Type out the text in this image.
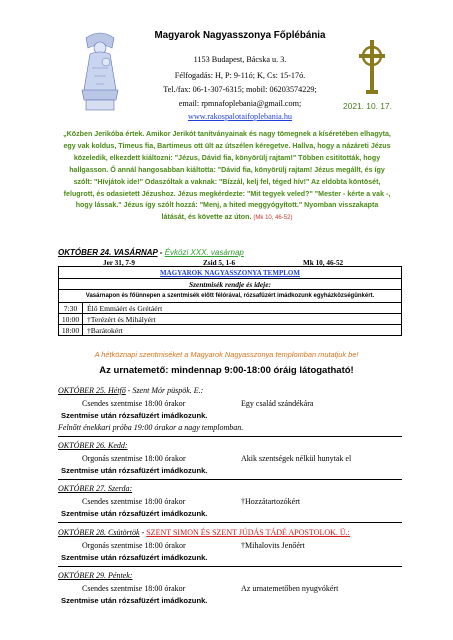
Magyarok Nagyasszonya Főplébánia
1153 Budapest, Bácska u. 3.
Félfogadás: H, P: 9-11ó; K, Cs: 15-17ó.
Tel./fax: 06-1-307-6315; mobil: 06203574229;
email: rpmnafoplebania@gmail.com;
www.rakospalotaifoplebania.hu
2021. 10. 17.
„Közben Jerikóba értek. Amikor Jerikót tanítványainak és nagy tömegnek a kíséretében elhagyta, egy vak koldus, Timeus fia, Bartimeus ott ült az útszélen kéregetve. Hallva, hogy a názáreti Jézus közeledik, elkezdett kiáltozni: "Jézus, Dávid fia, könyörülj rajtam!" Többen csitították, hogy hallgasson. Ő annál hangosabban kiáltotta: "Dávid fia, könyörülj rajtam! Jézus megállt, és így szólt: "Hívjátok ide!" Odaszóltak a vaknak: "Bízzál, kelj fel, téged hív!" Az eldobta köntösét, felugrott, és odasietett Jézushoz. Jézus megkérdezte: "Mit tegyek veled?" "Mester - kérte a vak -, hogy lássak." Jézus így szólt hozzá: "Menj, a hited meggyógyított." Nyomban visszakapta látását, és követte az úton. (Mk 10, 46-52)
OKTÓBER 24. VASÁRNAP - Évközi XXX. vasárnap
Jer 31, 7-9	Zsid 5, 1-6	Mk 10, 46-52
MAGYAROK NAGYASSZONYA TEMPLOM
Szentmisék rendje és ideje:
Vasárnapon és főünnepen a szentmisék előtt félórával, rózsafüzért imádkozunk egyházközségünkért.
7:30	Élő Emmáért és Grétáért
10:00	†Terézért és Mihályért
18:00	†Barátokért
A hétköznapi szentmiséket a Magyarok Nagyasszonya templomban mutatjuk be!
Az urnatemető: mindennap 9:00-18:00 óráig látogatható!
OKTÓBER 25. Hétfő - Szent Mór püspök. E.:
Csendes szentmise 18:00 órakor	Egy család szándékára
Szentmise után rózsafüzért imádkozunk.
Felnőtt énekkari próba 19:00 órakor a nagy templomban.
OKTÓBER 26. Kedd:
Orgonás szentmise 18:00 órakor	Akik szentségek nélkül hunytak el
Szentmise után rózsafüzért imádkozunk.
OKTÓBER 27. Szerda:
Csendes szentmise 18:00 órakor	†Hozzátartozókért
Szentmise után rózsafüzért imádkozunk.
OKTÓBER 28. Csütörtök - SZENT SIMON ÉS SZENT JÚDÁS TÁDÉ APOSTOLOK. Ü.:
Orgonás szentmise 18:00 órakor	†Mihalovits Jenőért
Szentmise után rózsafüzért imádkozunk.
OKTÓBER 29. Péntek:
Csendes szentmise 18:00 órakor	Az urnatemetőben nyugvókért
Szentmise után rózsafüzért imádkozunk.
